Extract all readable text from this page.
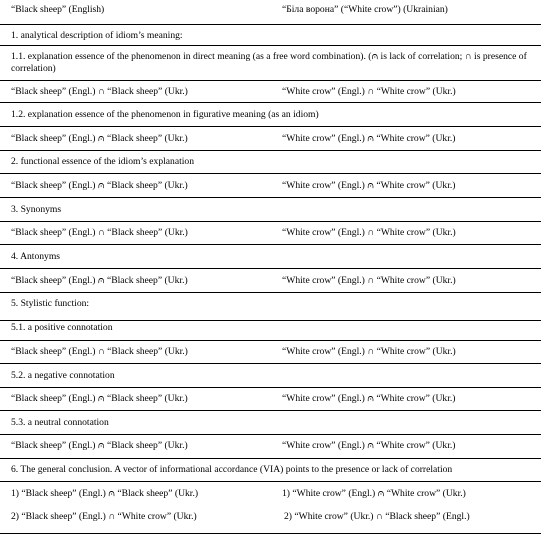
“Black sheep” (English)	“Біла ворона” (“White crow”) (Ukrainian)
1. analytical description of idiom’s meaning:
1.1. explanation essence of the phenomenon in direct meaning (as a free word combination). (⩀ is lack of correlation; ∩ is presence of correlation)
“Black sheep” (Engl.) ∩ “Black sheep” (Ukr.)	“White crow” (Engl.) ∩ “White crow” (Ukr.)
1.2. explanation essence of the phenomenon in figurative meaning (as an idiom)
“Black sheep” (Engl.) ⩀ “Black sheep” (Ukr.)	“White crow” (Engl.) ⩀ “White crow” (Ukr.)
2. functional essence of the idiom’s explanation
“Black sheep” (Engl.) ⩀ “Black sheep” (Ukr.)	“White crow” (Engl.) ⩀ “White crow” (Ukr.)
3. Synonyms
“Black sheep” (Engl.) ∩ “Black sheep” (Ukr.)	“White crow” (Engl.) ∩ “White crow” (Ukr.)
4. Antonyms
“Black sheep” (Engl.) ⩀ “Black sheep” (Ukr.)	“White crow” (Engl.) ∩ “White crow” (Ukr.)
5. Stylistic function:
5.1. a positive connotation
“Black sheep” (Engl.) ∩ “Black sheep” (Ukr.)	“White crow” (Engl.) ∩ “White crow” (Ukr.)
5.2. a negative connotation
“Black sheep” (Engl.) ⩀ “Black sheep” (Ukr.)	“White crow” (Engl.) ⩀ “White crow” (Ukr.)
5.3. a neutral connotation
“Black sheep” (Engl.) ⩀ “Black sheep” (Ukr.)	“White crow” (Engl.) ⩀ “White crow” (Ukr.)
6. The general conclusion. A vector of informational accordance (VIA) points to the presence or lack of correlation
1) “Black sheep” (Engl.) ⩀ “Black sheep” (Ukr.)	1) “White crow” (Engl.) ⩀ “White crow” (Ukr.)
2) “Black sheep” (Engl.) ∩ “White crow” (Ukr.)	2) “White crow” (Ukr.) ∩ “Black sheep” (Engl.)
